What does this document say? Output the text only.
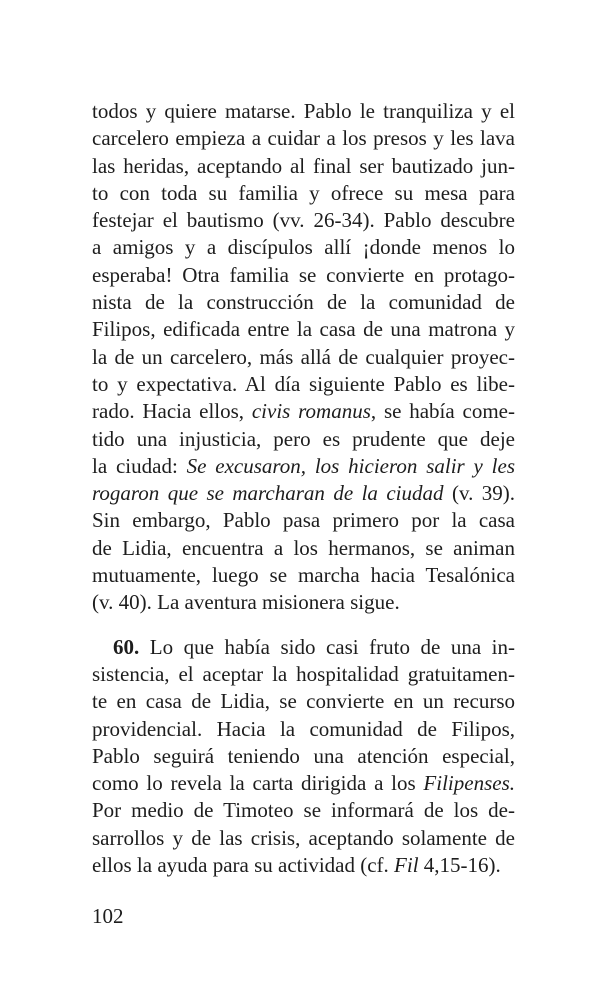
todos y quiere matarse. Pablo le tranquiliza y el
carcelero empieza a cuidar a los presos y les lava
las heridas, aceptando al final ser bautizado jun-
to con toda su familia y ofrece su mesa para
festejar el bautismo (vv. 26-34). Pablo descubre
a amigos y a discípulos allí ¡donde menos lo
esperaba! Otra familia se convierte en protago-
nista de la construcción de la comunidad de
Filipos, edificada entre la casa de una matrona y
la de un carcelero, más allá de cualquier proyec-
to y expectativa. Al día siguiente Pablo es libe-
rado. Hacia ellos, civis romanus, se había come-
tido una injusticia, pero es prudente que deje
la ciudad: Se excusaron, los hicieron salir y les
rogaron que se marcharan de la ciudad (v. 39).
Sin embargo, Pablo pasa primero por la casa
de Lidia, encuentra a los hermanos, se animan
mutuamente, luego se marcha hacia Tesalónica
(v. 40). La aventura misionera sigue.
60. Lo que había sido casi fruto de una in-
sistencia, el aceptar la hospitalidad gratuitamen-
te en casa de Lidia, se convierte en un recurso
providencial. Hacia la comunidad de Filipos,
Pablo seguirá teniendo una atención especial,
como lo revela la carta dirigida a los Filipenses.
Por medio de Timoteo se informará de los de-
sarrollos y de las crisis, aceptando solamente de
ellos la ayuda para su actividad (cf. Fil 4,15-16).
102
